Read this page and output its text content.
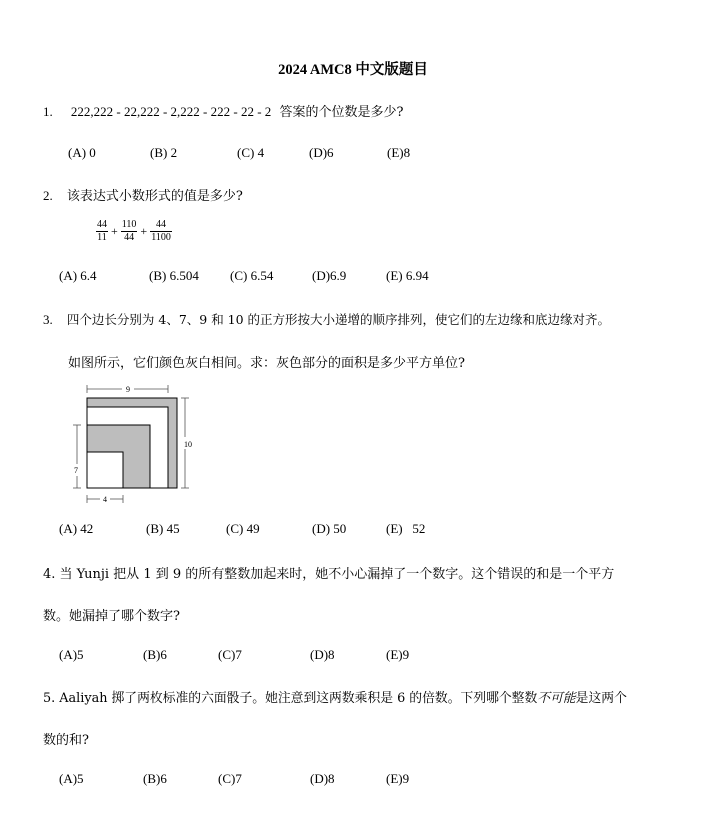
2024 AMC8 中文版题目
1. 222,222 - 22,222 - 2,222 - 222 - 22 - 2 答案的个位数是多少?
(A) 0	(B) 2	(C) 4	(D)6	(E)8
2. 该表达式小数形式的值是多少?
$\frac{44}{11} + \frac{110}{44} + \frac{44}{1100}$
(A) 6.4	(B) 6.504 (C) 6.54	(D)6.9	(E) 6.94
3. 四个边长分别为 4、7、9 和 10 的正方形按大小递增的顺序排列，使它们的左边缘和底边缘对齐。
如图所示，它们颜色灰白相间。求：灰色部分的面积是多少平方单位?
9
10
7
4
(A) 42	(B) 45	(C) 49	(D) 50	(E)   52
4. 当 Yunji 把从 1 到 9 的所有整数加起来时，她不小心漏掉了一个数字。这个错误的和是一个平方
数。她漏掉了哪个数字?
(A)5	(B)6	(C)7	(D)8	(E)9
5. Aaliyah 掷了两枚标准的六面骰子。她注意到这两数乘积是 6 的倍数。下列哪个整数不可能是这两个
数的和?
(A)5	(B)6	(C)7	(D)8	(E)9
